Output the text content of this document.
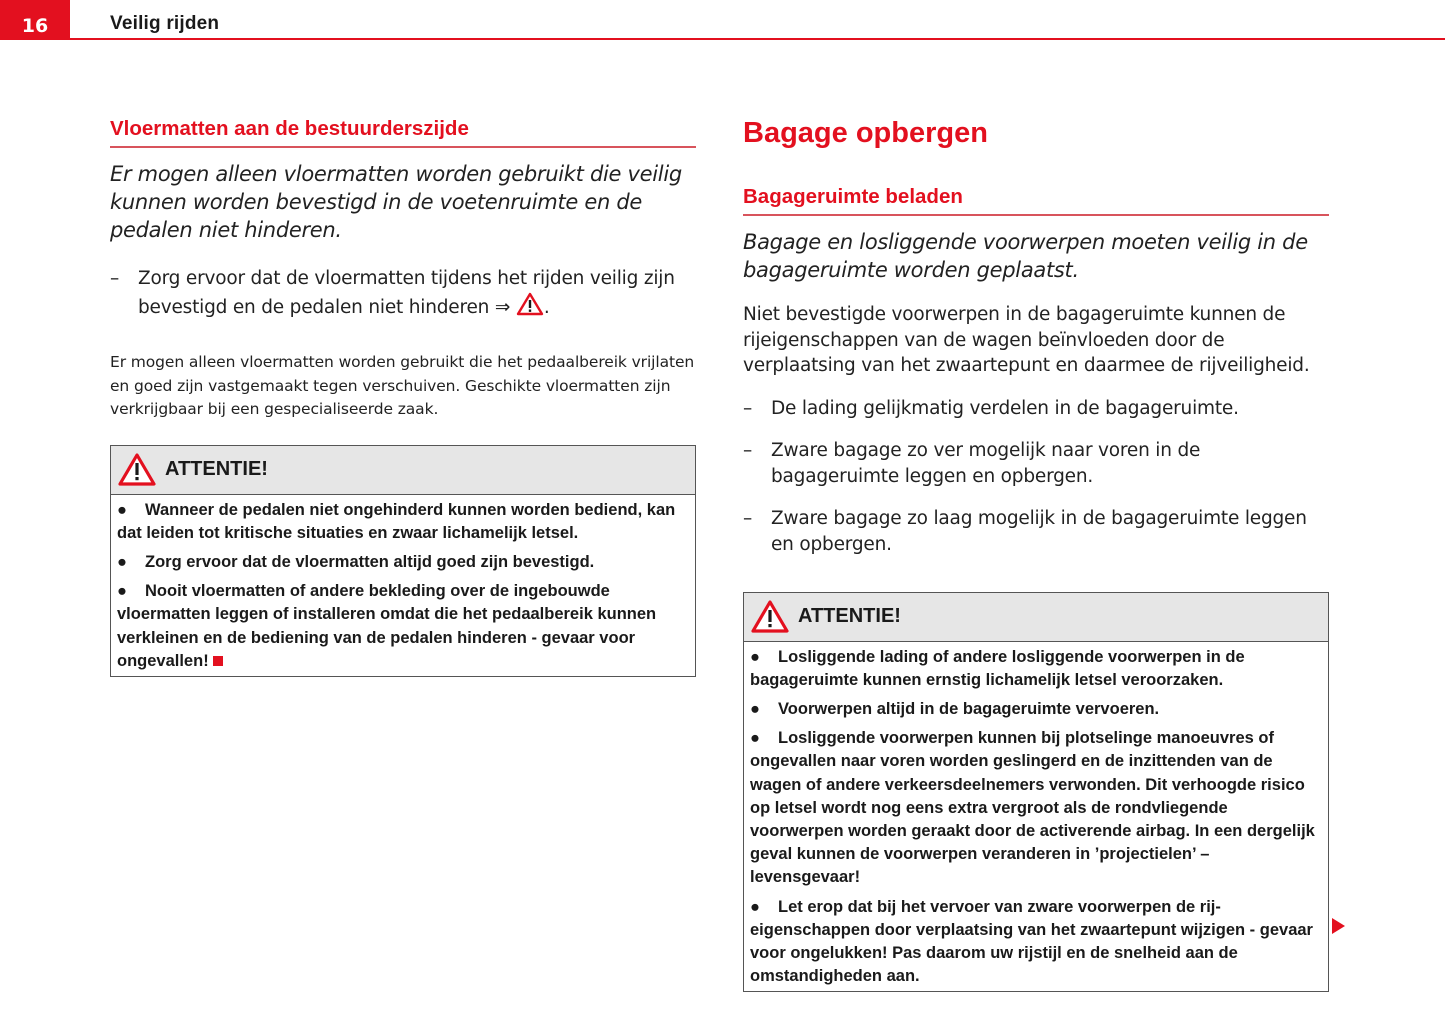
16	Veilig rijden
Vloermatten aan de bestuurderszijde

Er mogen alleen vloermatten worden gebruikt die veilig kunnen worden bevestigd in de voetenruimte en de pedalen niet hinderen.

–	Zorg ervoor dat de vloermatten tijdens het rijden veilig zijn bevestigd en de pedalen niet hinderen ⇒ .

Er mogen alleen vloermatten worden gebruikt die het pedaalbereik vrijlaten en goed zijn vastgemaakt tegen verschuiven. Geschikte vloermatten zijn verkrijgbaar bij een gespecialiseerde zaak.

ATTENTIE!

● Wanneer de pedalen niet ongehinderd kunnen worden bediend, kan dat leiden tot kritische situaties en zwaar lichamelijk letsel.

● Zorg ervoor dat de vloermatten altijd goed zijn bevestigd.

● Nooit vloermatten of andere bekleding over de ingebouwde vloermatten leggen of installeren omdat die het pedaalbereik kunnen verkleinen en de bediening van de pedalen hinderen - gevaar voor ongevallen!

Bagage opbergen
Bagageruimte beladen

Bagage en losliggende voorwerpen moeten veilig in de bagageruimte worden geplaatst.

Niet bevestigde voorwerpen in de bagageruimte kunnen de rijeigenschappen van de wagen beïnvloeden door de verplaatsing van het zwaartepunt en daarmee de rijveiligheid.

–	De lading gelijkmatig verdelen in de bagageruimte.
–	Zware bagage zo ver mogelijk naar voren in de bagageruimte leggen en opbergen.
–	Zware bagage zo laag mogelijk in de bagageruimte leggen en opbergen.
ATTENTIE!

● Losliggende lading of andere losliggende voorwerpen in de bagageruimte kunnen ernstig lichamelijk letsel veroorzaken.

● Voorwerpen altijd in de bagageruimte vervoeren.

● Losliggende voorwerpen kunnen bij plotselinge manoeuvres of ongevallen naar voren worden geslingerd en de inzittenden van de wagen of andere verkeersdeelnemers verwonden. Dit verhoogde risico op letsel wordt nog eens extra vergroot als de rondvliegende voorwerpen worden geraakt door de activerende airbag. In een dergelijk geval kunnen de voorwerpen veranderen in ’projectielen’ – levensgevaar!

● Let erop dat bij het vervoer van zware voorwerpen de rij-eigenschappen door verplaatsing van het zwaartepunt wijzigen - gevaar voor ongelukken! Pas daarom uw rijstijl en de snelheid aan de omstandigheden aan.
